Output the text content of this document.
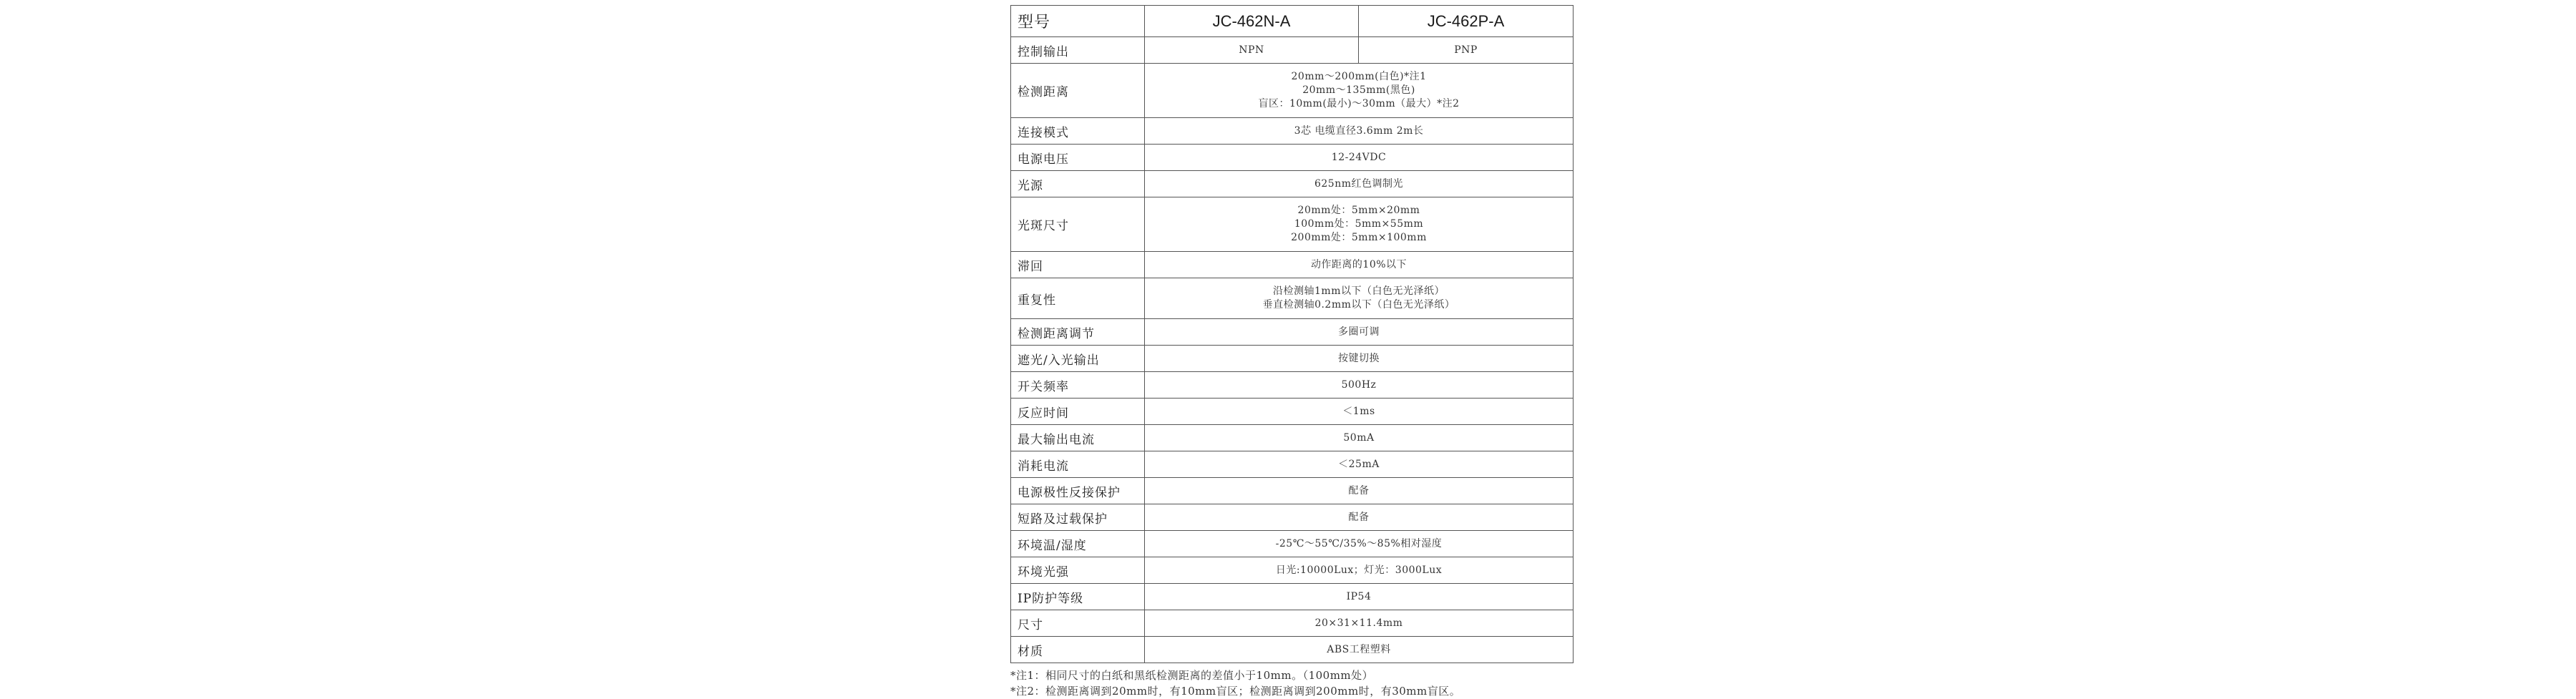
型号	JC-462N-A	JC-462P-A
控制输出	NPN	PNP
检测距离	20mm～200mm(白色)*注1
20mm～135mm(黑色)
盲区：10mm(最小)～30mm（最大）*注2	

连接模式	3芯 电缆直径3.6mm 2m长	

电源电压	12-24VDC	

光源	625nm红色调制光	

光斑尺寸	20mm处：5mm×20mm
100mm处：5mm×55mm
200mm处：5mm×100mm	

滞回	动作距离的10%以下	

重复性	沿检测轴1mm以下（白色无光泽纸）
垂直检测轴0.2mm以下（白色无光泽纸）	

检测距离调节	多圈可调	

遮光/入光输出	按键切换	

开关频率	500Hz	

反应时间	＜1ms	

最大输出电流	50mA	

消耗电流	＜25mA	

电源极性反接保护	配备	

短路及过载保护	配备	

环境温/湿度	-25℃～55℃/35%～85%相对湿度	

环境光强	日光:10000Lux；灯光：3000Lux	

IP防护等级	IP54	

尺寸	20×31×11.4mm	

材质	ABS工程塑料	
*注1：相同尺寸的白纸和黑纸检测距离的差值小于10mm。（100mm处）
*注2：检测距离调到20mm时，有10mm盲区；检测距离调到200mm时，有30mm盲区。
